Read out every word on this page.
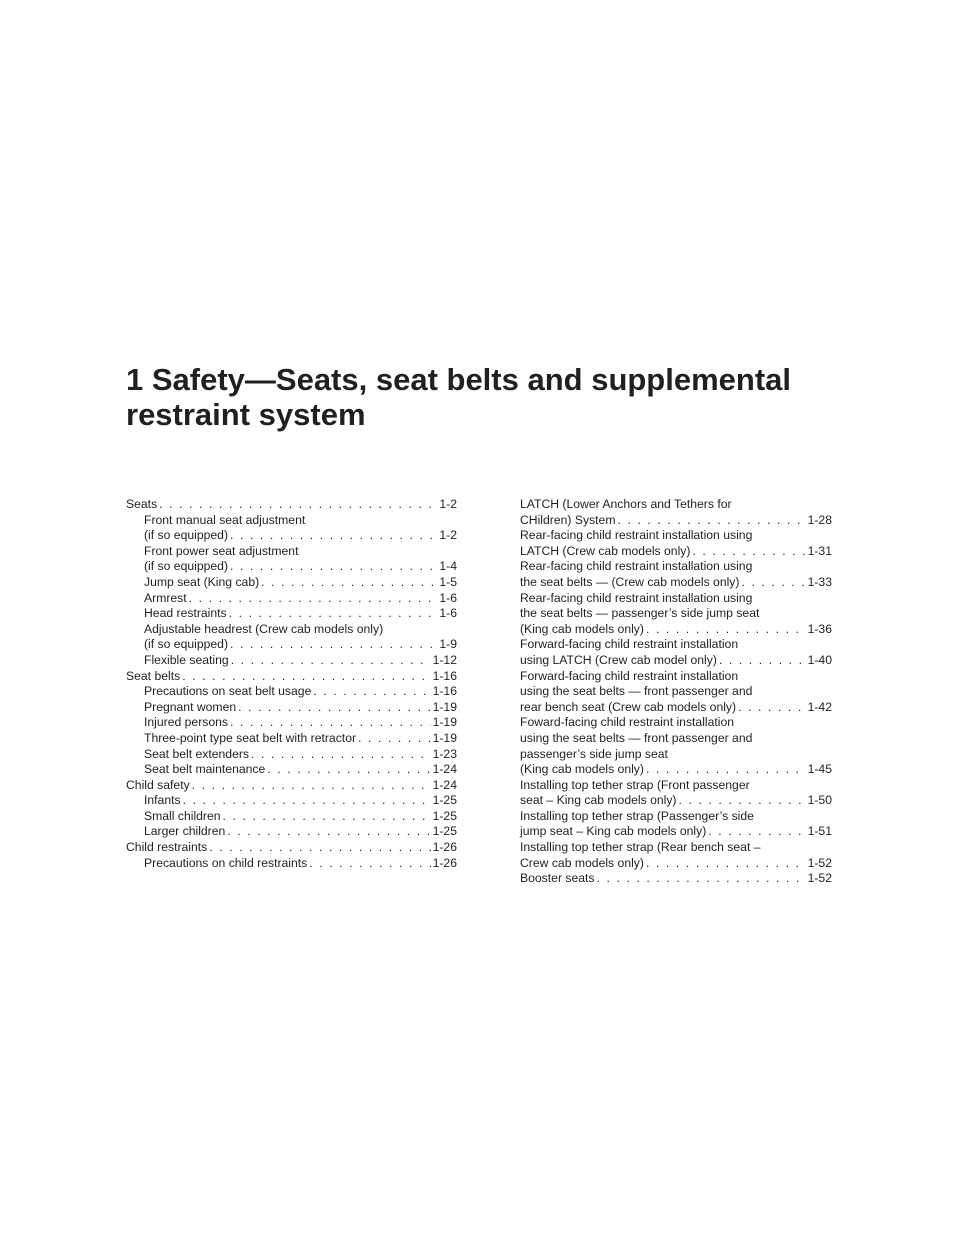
1 Safety—Seats, seat belts and supplemental restraint system
Seats . . .	1-2
Front manual seat adjustment
(if so equipped) . . .	1-2
Front power seat adjustment
(if so equipped) . . .	1-4
Jump seat (King cab) . . .	1-5
Armrest . . .	1-6
Head restraints . . .	1-6
Adjustable headrest (Crew cab models only)
(if so equipped) . . .	1-9
Flexible seating . . .	1-12
Seat belts . . .	1-16
Precautions on seat belt usage . . .	1-16
Pregnant women . . .	1-19
Injured persons . . .	1-19
Three-point type seat belt with retractor . . .	1-19
Seat belt extenders . . .	1-23
Seat belt maintenance . . .	1-24
Child safety . . .	1-24
Infants . . .	1-25
Small children . . .	1-25
Larger children . . .	1-25
Child restraints . . .	1-26
Precautions on child restraints . . .	1-26
LATCH (Lower Anchors and Tethers for
CHildren) System . . .	1-28
Rear-facing child restraint installation using
LATCH (Crew cab models only) . . .	1-31
Rear-facing child restraint installation using
the seat belts — (Crew cab models only) . . .	1-33
Rear-facing child restraint installation using
the seat belts — passenger’s side jump seat
(King cab models only) . . .	1-36
Forward-facing child restraint installation
using LATCH (Crew cab model only) . . .	1-40
Forward-facing child restraint installation
using the seat belts — front passenger and
rear bench seat (Crew cab models only) . . .	1-42
Foward-facing child restraint installation
using the seat belts — front passenger and
passenger’s side jump seat
(King cab models only) . . .	1-45
Installing top tether strap (Front passenger
seat – King cab models only) . . .	1-50
Installing top tether strap (Passenger’s side
jump seat – King cab models only) . . .	1-51
Installing top tether strap (Rear bench seat –
Crew cab models only) . . .	1-52
Booster seats . . .	1-52
